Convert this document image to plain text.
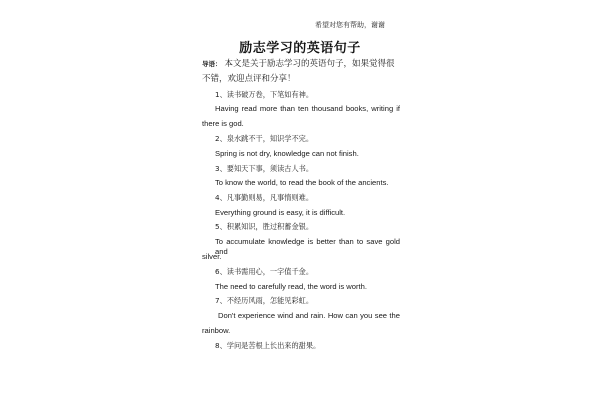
希望对您有帮助，谢谢
励志学习的英语句子
导语： 本文是关于励志学习的英语句子，如果觉得很不错，欢迎点评和分享！
1、读书破万卷，下笔如有神。
Having read more than ten thousand books, writing if
there is god.
2、泉水跳不干，知识学不完。
Spring is not dry, knowledge can not finish.
3、要知天下事，须读古人书。
To know the world, to read the book of the ancients.
4、凡事勤则易，凡事惰则难。
Everything ground is easy, it is difficult.
5、积累知识，胜过积蓄金银。
To accumulate knowledge is better than to save gold and
silver.
6、读书需用心，一字值千金。
The need to carefully read, the word is worth.
7、不经历风雨，怎能见彩虹。
Don't experience wind and rain. How can you see the
rainbow.
8、学问是苦根上长出来的甜果。
